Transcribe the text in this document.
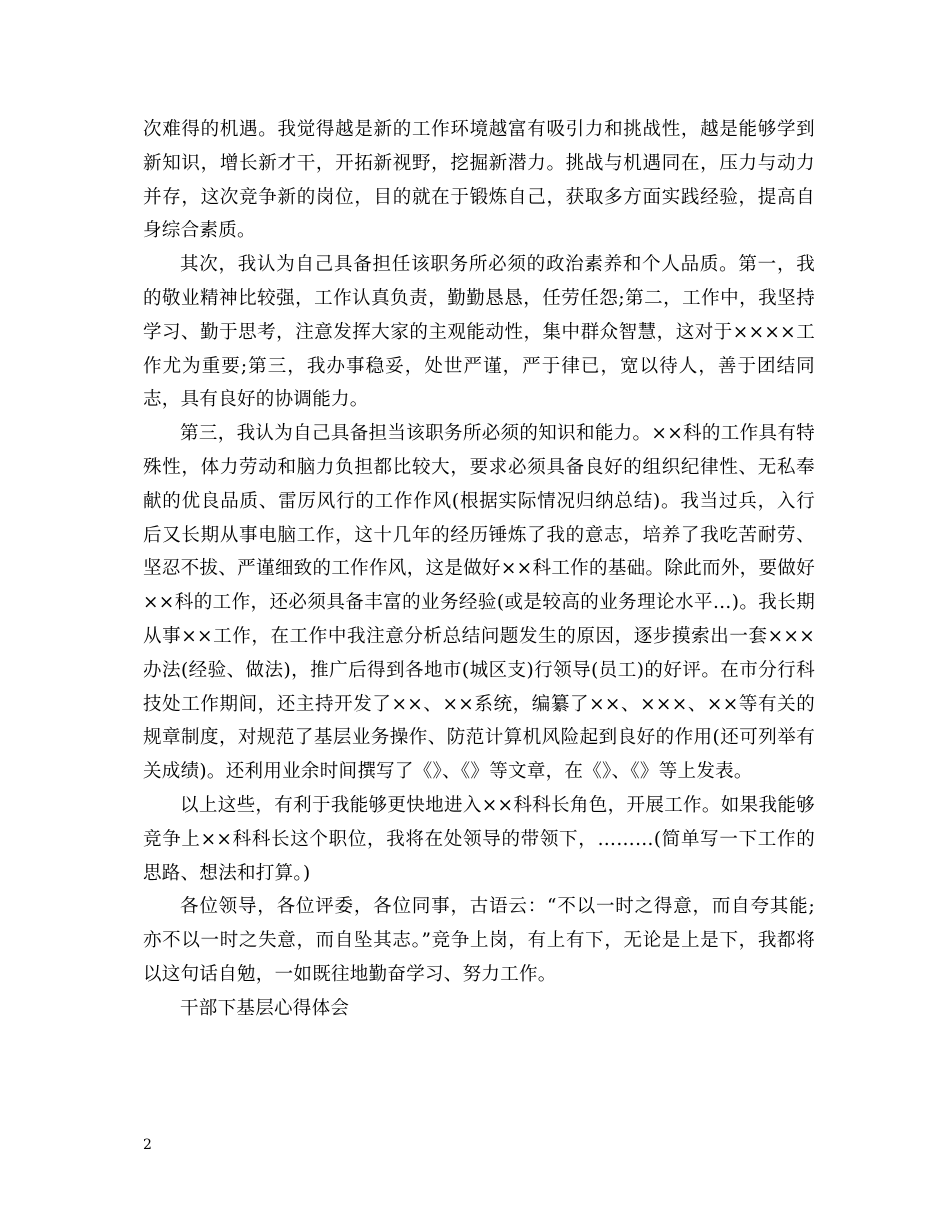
次难得的机遇。我觉得越是新的工作环境越富有吸引力和挑战性，越是能够学到新知识，增长新才干，开拓新视野，挖掘新潜力。挑战与机遇同在，压力与动力并存，这次竞争新的岗位，目的就在于锻炼自己，获取多方面实践经验，提高自身综合素质。

其次，我认为自己具备担任该职务所必须的政治素养和个人品质。第一，我的敬业精神比较强，工作认真负责，勤勤恳恳，任劳任怨;第二，工作中，我坚持学习、勤于思考，注意发挥大家的主观能动性，集中群众智慧，这对于××××工作尤为重要;第三，我办事稳妥，处世严谨，严于律已，宽以待人，善于团结同志，具有良好的协调能力。

第三，我认为自己具备担当该职务所必须的知识和能力。××科的工作具有特殊性，体力劳动和脑力负担都比较大，要求必须具备良好的组织纪律性、无私奉献的优良品质、雷厉风行的工作作风(根据实际情况归纳总结)。我当过兵，入行后又长期从事电脑工作，这十几年的经历锤炼了我的意志，培养了我吃苦耐劳、坚忍不拔、严谨细致的工作作风，这是做好××科工作的基础。除此而外，要做好××科的工作，还必须具备丰富的业务经验(或是较高的业务理论水平…)。我长期从事××工作，在工作中我注意分析总结问题发生的原因，逐步摸索出一套×××办法(经验、做法)，推广后得到各地市(城区支)行领导(员工)的好评。在市分行科技处工作期间，还主持开发了××、××系统，编纂了××、×××、××等有关的规章制度，对规范了基层业务操作、防范计算机风险起到良好的作用(还可列举有关成绩)。还利用业余时间撰写了《》、《》等文章，在《》、《》等上发表。

以上这些，有利于我能够更快地进入××科科长角色，开展工作。如果我能够竞争上××科科长这个职位，我将在处领导的带领下，………(简单写一下工作的思路、想法和打算。)

各位领导，各位评委，各位同事，古语云：“不以一时之得意，而自夸其能;亦不以一时之失意，而自坠其志。”竞争上岗，有上有下，无论是上是下，我都将以这句话自勉，一如既往地勤奋学习、努力工作。

干部下基层心得体会

2
